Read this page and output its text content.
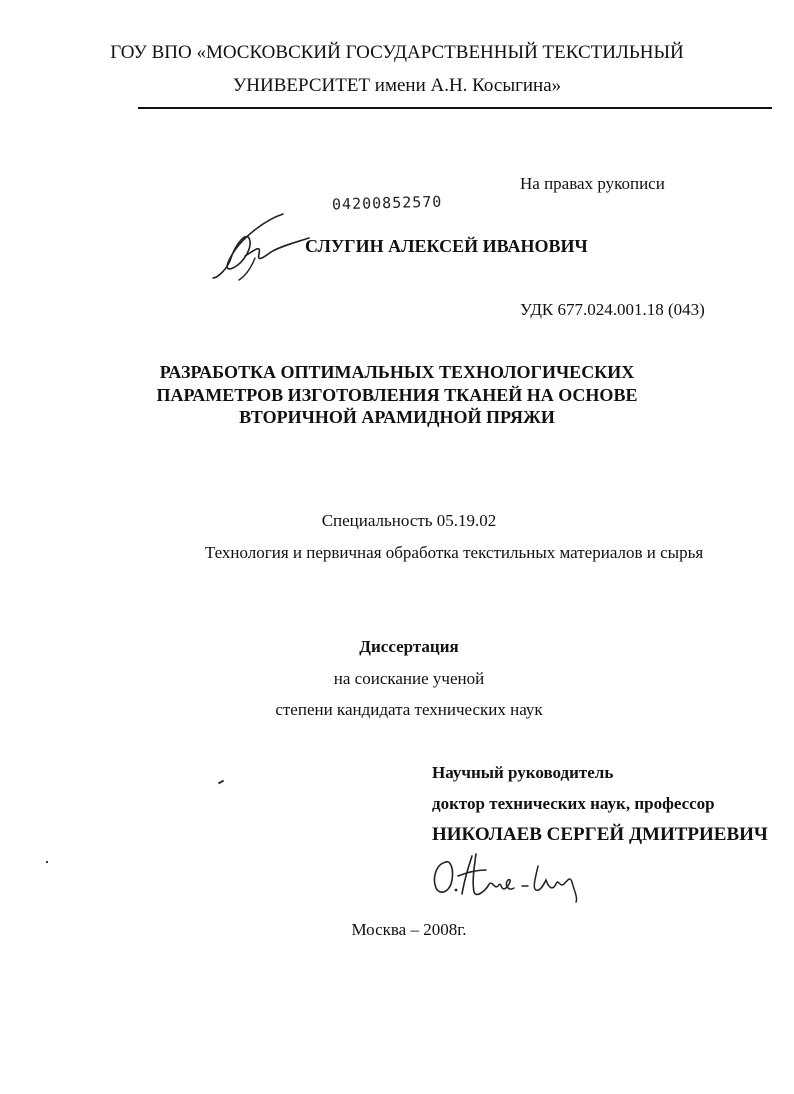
ГОУ ВПО «МОСКОВСКИЙ ГОСУДАРСТВЕННЫЙ ТЕКСТИЛЬНЫЙ
УНИВЕРСИТЕТ имени А.Н. Косыгина»
На правах рукописи
04200852570
СЛУГИН АЛЕКСЕЙ ИВАНОВИЧ
УДК 677.024.001.18 (043)
РАЗРАБОТКА ОПТИМАЛЬНЫХ ТЕХНОЛОГИЧЕСКИХ
ПАРАМЕТРОВ ИЗГОТОВЛЕНИЯ ТКАНЕЙ НА ОСНОВЕ
ВТОРИЧНОЙ АРАМИДНОЙ ПРЯЖИ
Специальность 05.19.02
Технология и первичная обработка текстильных материалов и сырья
Диссертация
на соискание ученой
степени кандидата технических наук
Научный руководитель
доктор технических наук, профессор
НИКОЛАЕВ СЕРГЕЙ ДМИТРИЕВИЧ
Москва – 2008г.
